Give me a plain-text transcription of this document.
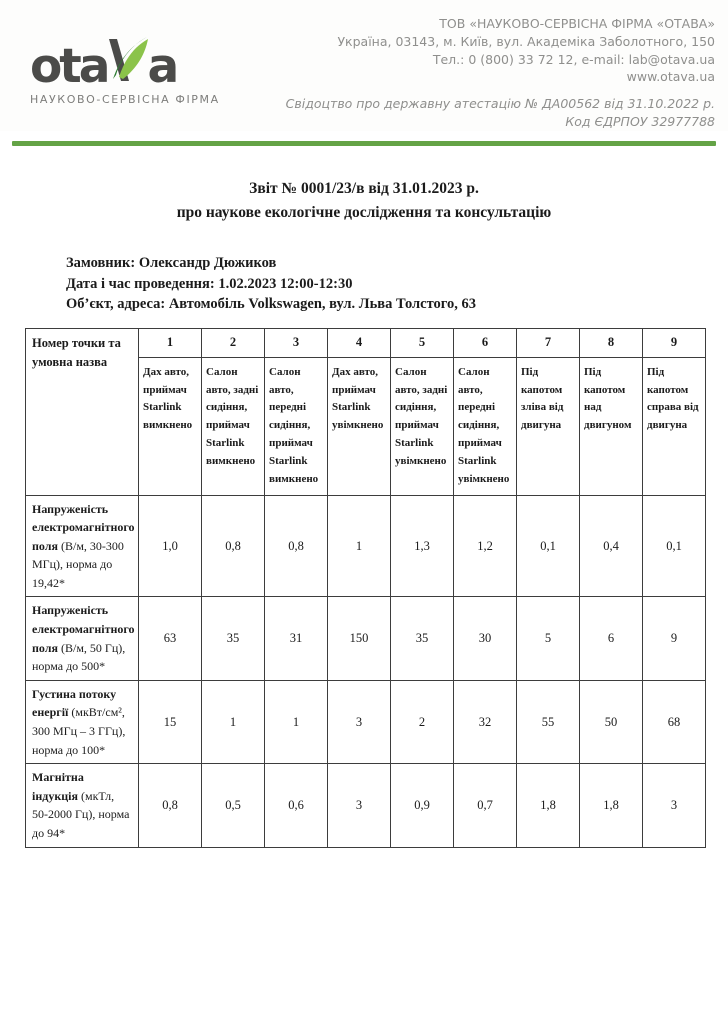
ota a
НАУКОВО-СЕРВІСНА ФІРМА
ТОВ «НАУКОВО-СЕРВІСНА ФІРМА «ОТАВА»
Україна, 03143, м. Київ, вул. Академіка Заболотного, 150
Тел.: 0 (800) 33 72 12, e-mail: lab@otava.ua
www.otava.ua
Свідоцтво про державну атестацію № ДА00562 від 31.10.2022 р.
Код ЄДРПОУ 32977788
Звіт № 0001/23/в від 31.01.2023 р.
про наукове екологічне дослідження та консультацію
Замовник: Олександр Дюжиков
Дата і час проведення: 1.02.2023 12:00-12:30
Об’єкт, адреса: Автомобіль Volkswagen, вул. Льва Толстого, 63
Номер точки та умовна назва	1	2	3	4	5	6	7	8	9
	Дах авто, приймач Starlink вимкнено	Салон авто, задні сидіння, приймач Starlink вимкнено	Салон авто, передні сидіння, приймач Starlink вимкнено	Дах авто, приймач Starlink увімкнено	Салон авто, задні сидіння, приймач Starlink увімкнено	Салон авто, передні сидіння, приймач Starlink увімкнено	Під капотом зліва від двигуна	Під капотом над двигуном	Під капотом справа від двигуна
Напруженість електромагнітного поля (В/м, 30-300 МГц), норма до 19,42*	1,0	0,8	0,8	1	1,3	1,2	0,1	0,4	0,1
Напруженість електромагнітного поля (В/м, 50 Гц), норма до 500*	63	35	31	150	35	30	5	6	9
Густина потоку енергії (мкВт/см², 300 МГц – 3 ГГц), норма до 100*	15	1	1	3	2	32	55	50	68
Магнітна індукція (мкТл, 50-2000 Гц), норма до 94*	0,8	0,5	0,6	3	0,9	0,7	1,8	1,8	3
